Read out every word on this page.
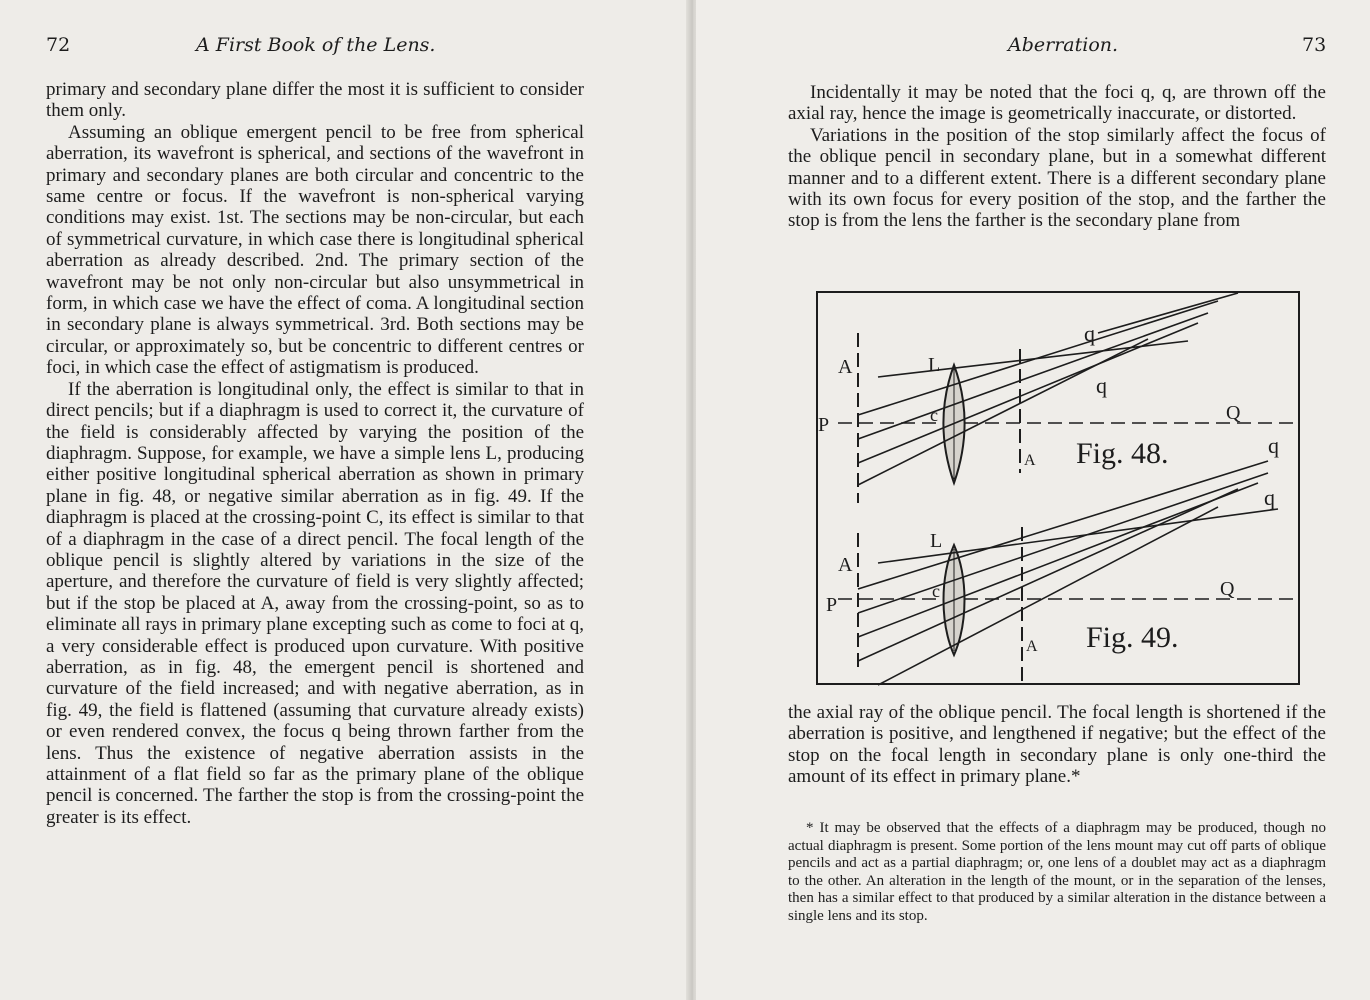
72	A First Book of the Lens.

primary and secondary plane differ the most it is sufficient to consider them only.

Assuming an oblique emergent pencil to be free from spherical aberration, its wavefront is spherical, and sections of the wavefront in primary and secondary planes are both circular and concentric to the same centre or focus. If the wavefront is non-spherical varying conditions may exist. 1st. The sections may be non-circular, but each of symmetrical curvature, in which case there is longitudinal spherical aberration as already described. 2nd. The primary section of the wavefront may be not only non-circular but also unsymmetrical in form, in which case we have the effect of coma. A longitudinal section in secondary plane is always symmetrical. 3rd. Both sections may be circular, or approximately so, but be concentric to different centres or foci, in which case the effect of astigmatism is produced.

If the aberration is longitudinal only, the effect is similar to that in direct pencils; but if a diaphragm is used to correct it, the curvature of the field is considerably affected by varying the position of the diaphragm. Suppose, for example, we have a simple lens L, producing either positive longitudinal spherical aberration as shown in primary plane in fig. 48, or negative similar aberration as in fig. 49. If the diaphragm is placed at the crossing-point C, its effect is similar to that of a diaphragm in the case of a direct pencil. The focal length of the oblique pencil is slightly altered by variations in the size of the aperture, and therefore the curvature of field is very slightly affected; but if the stop be placed at A, away from the crossing-point, so as to eliminate all rays in primary plane excepting such as come to foci at q, a very considerable effect is produced upon curvature. With positive aberration, as in fig. 48, the emergent pencil is shortened and curvature of the field increased; and with negative aberration, as in fig. 49, the field is flattened (assuming that curvature already exists) or even rendered convex, the focus q being thrown farther from the lens. Thus the existence of negative aberration assists in the attainment of a flat field so far as the primary plane of the oblique pencil is concerned. The farther the stop is from the crossing-point the greater is its effect.

Aberration.	73

Incidentally it may be noted that the foci q, q, are thrown off the axial ray, hence the image is geometrically inaccurate, or distorted.

Variations in the position of the stop similarly affect the focus of the oblique pencil in secondary plane, but in a somewhat different manner and to a different extent. There is a different secondary plane with its own focus for every position of the stop, and the farther the stop is from the lens the farther is the secondary plane from

A	L
P	c	Q
q
q
A Fig. 48.
A
L
P
c	Q
q
q
A Fig. 49.

the axial ray of the oblique pencil. The focal length is shortened if the aberration is positive, and lengthened if negative; but the effect of the stop on the focal length in secondary plane is only one-third the amount of its effect in primary plane.*

* It may be observed that the effects of a diaphragm may be produced, though no actual diaphragm is present. Some portion of the lens mount may cut off parts of oblique pencils and act as a partial diaphragm; or, one lens of a doublet may act as a diaphragm to the other. An alteration in the length of the mount, or in the separation of the lenses, then has a similar effect to that produced by a similar alteration in the distance between a single lens and its stop.
